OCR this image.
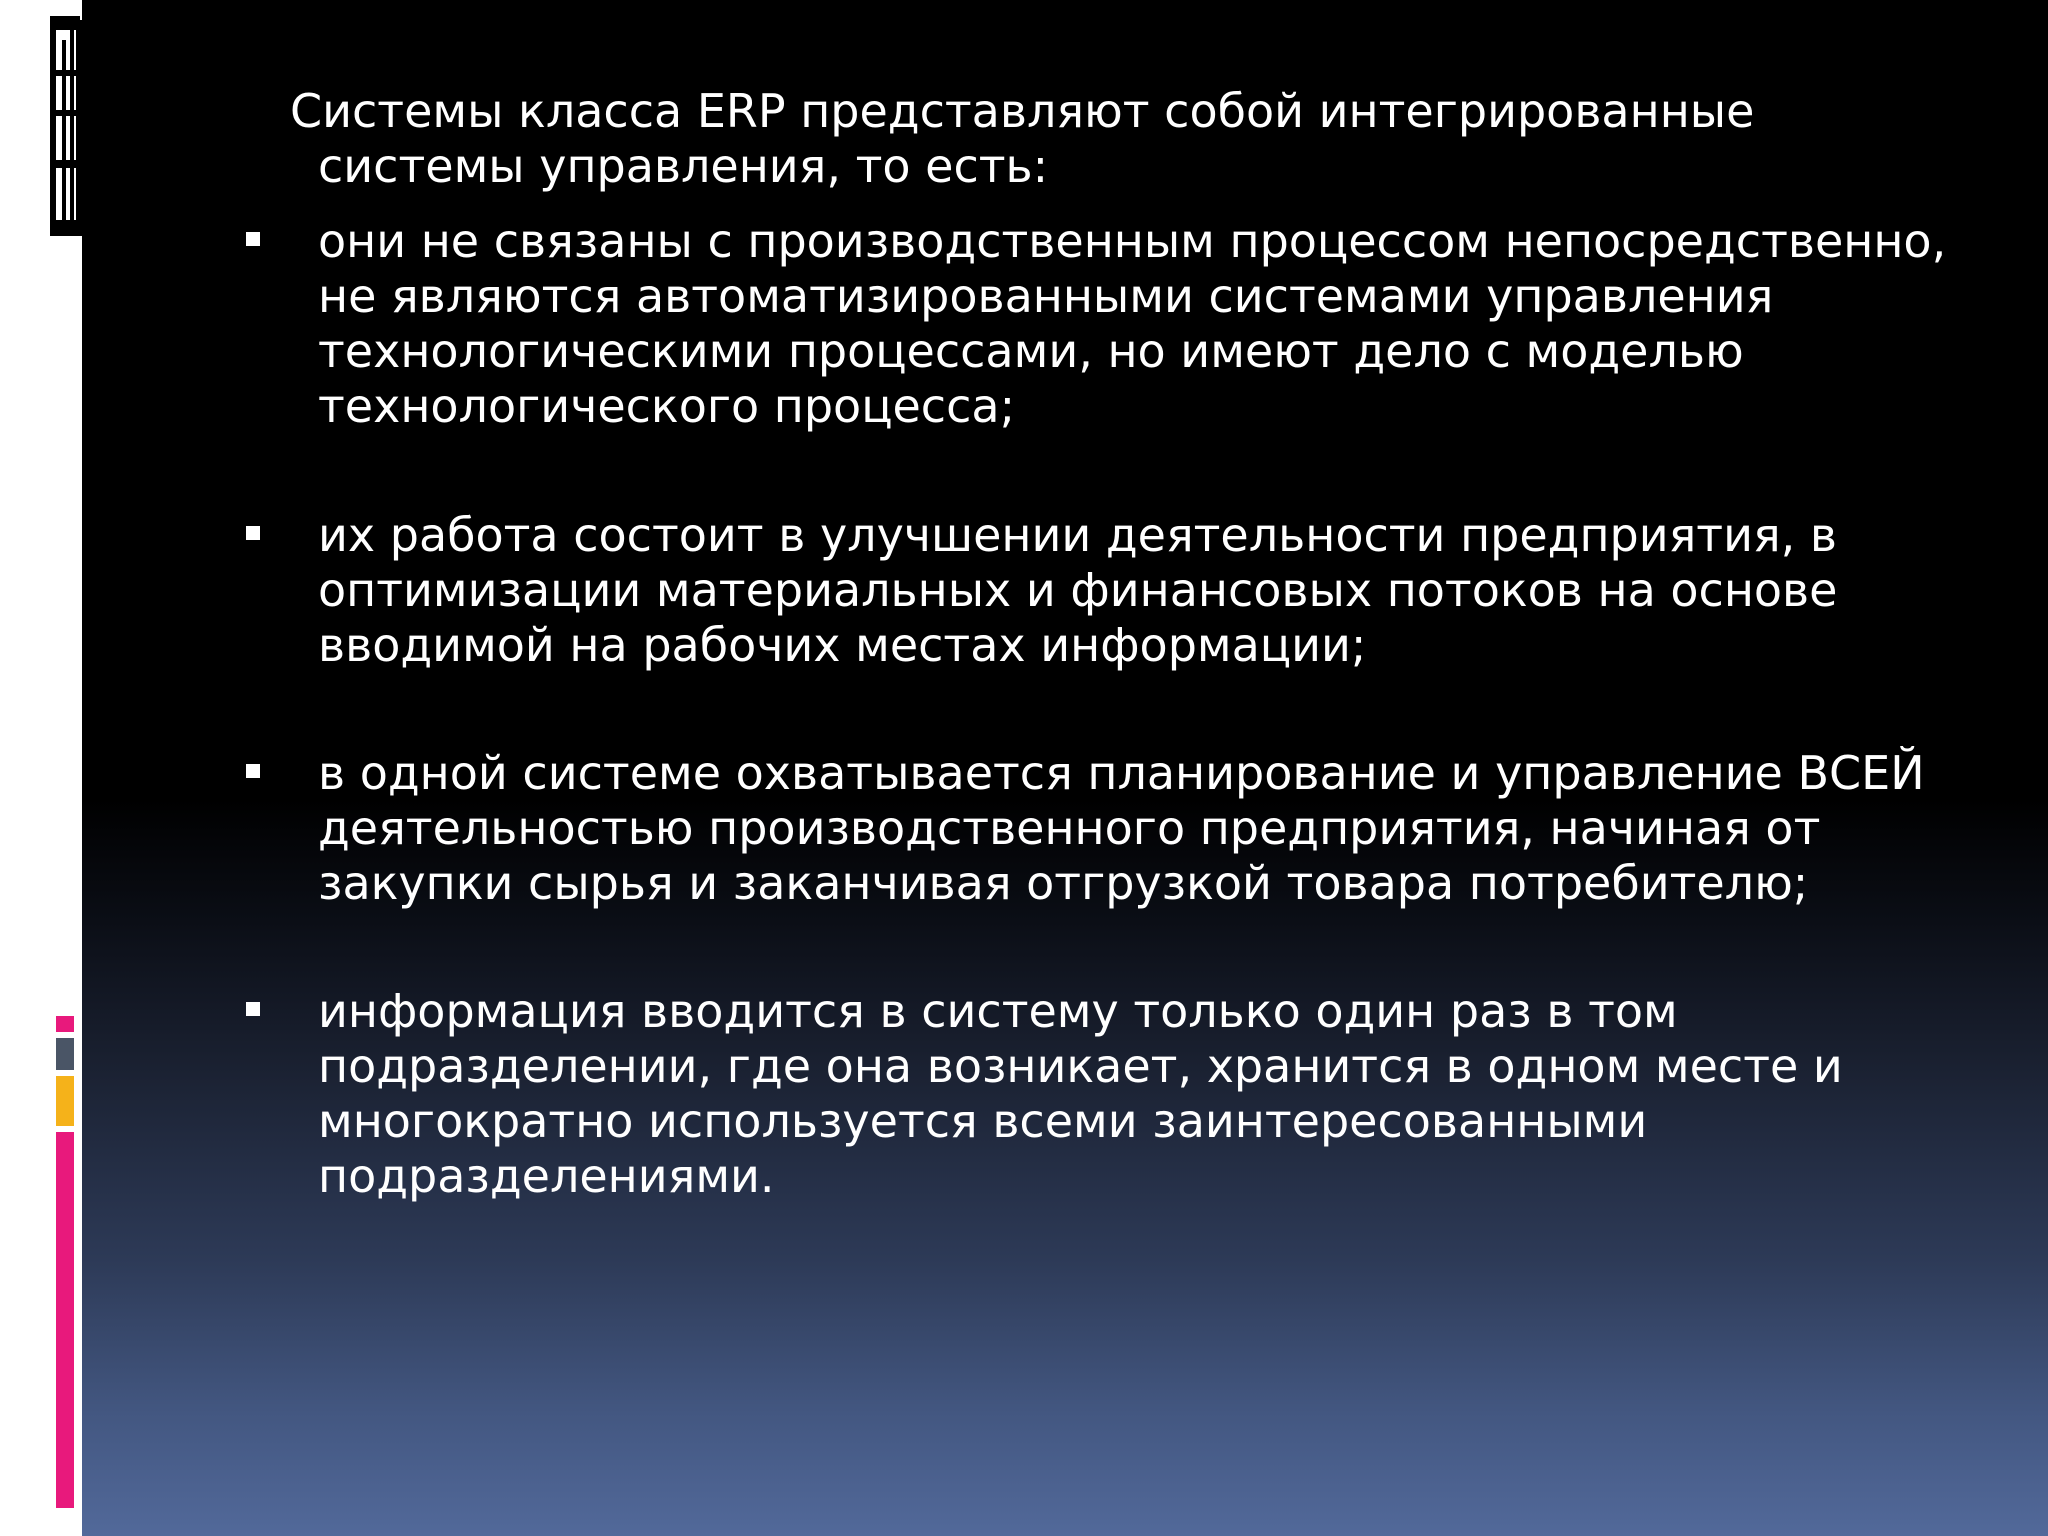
Системы класса ERP представляют собой интегрированные системы управления, то есть:
они не связаны с производственным процессом непосредственно, не являются автоматизированными системами управления технологическими процессами, но имеют дело с моделью технологического процесса;
их работа состоит в улучшении деятельности предприятия, в оптимизации материальных и финансовых потоков на основе вводимой на рабочих местах информации;
в одной системе охватывается планирование и управление ВСЕЙ деятельностью производственного предприятия, начиная от закупки сырья и заканчивая отгрузкой товара потребителю;
информация вводится в систему только один раз в том подразделении, где она возникает, хранится в одном месте и многократно используется всеми заинтересованными подразделениями.
